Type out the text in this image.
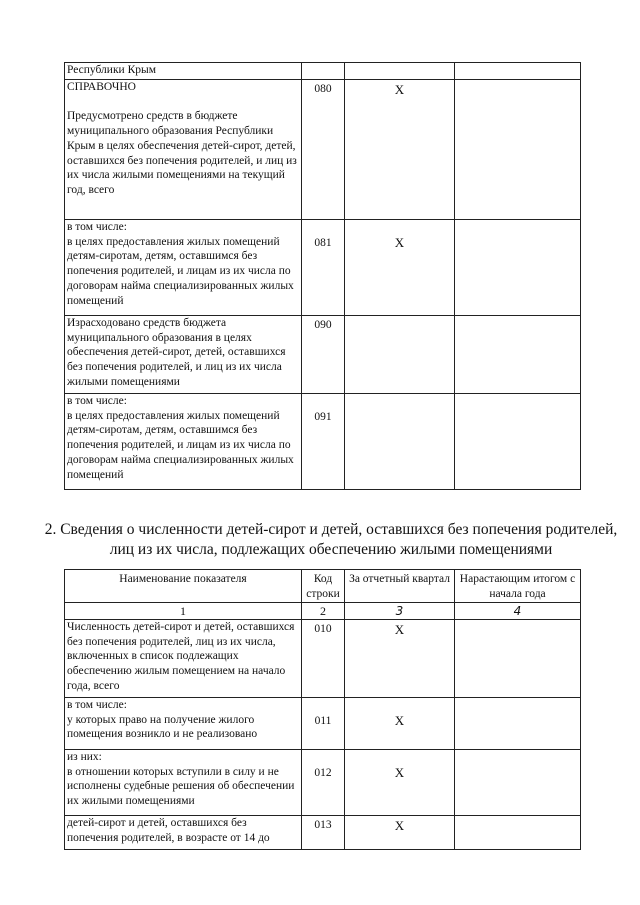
Республики Крым			

СПРАВОЧНО

Предусмотрено средств в бюджете муниципального образования Республики Крым в целях обеспечения детей-сирот, детей, оставшихся без попечения родителей, и лиц из их числа жилыми помещениями на текущий год, всего	080	X	

в том числе:
в целях предоставления жилых помещений детям-сиротам, детям, оставшимся без попечения родителей, и лицам из их числа по договорам найма специализированных жилых помещений	081	X	

Израсходовано средств бюджета муниципального образования в целях обеспечения детей-сирот, детей, оставшихся без попечения родителей, и лиц из их числа жилыми помещениями	090		

в том числе:
в целях предоставления жилых помещений детям-сиротам, детям, оставшимся без попечения родителей, и лицам из их числа по договорам найма специализированных жилых помещений	091		
2. Сведения о численности детей-сирот и детей, оставшихся без попечения родителей, лиц из их числа, подлежащих обеспечению жилыми помещениями
Наименование показателя	Код строки	За отчетный квартал	Нарастающим итогом с начала года
1	2	3	4

Численность детей-сирот и детей, оставшихся без попечения родителей, лиц из их числа, включенных в список подлежащих обеспечению жилым помещением на начало года, всего	010	X	

в том числе:
у которых право на получение жилого помещения возникло и не реализовано	011	X	

из них:
в отношении которых вступили в силу и не исполнены судебные решения об обеспечении их жилыми помещениями	012	X	

детей-сирот и детей, оставшихся без попечения родителей, в возрасте от 14 до	013	X	
